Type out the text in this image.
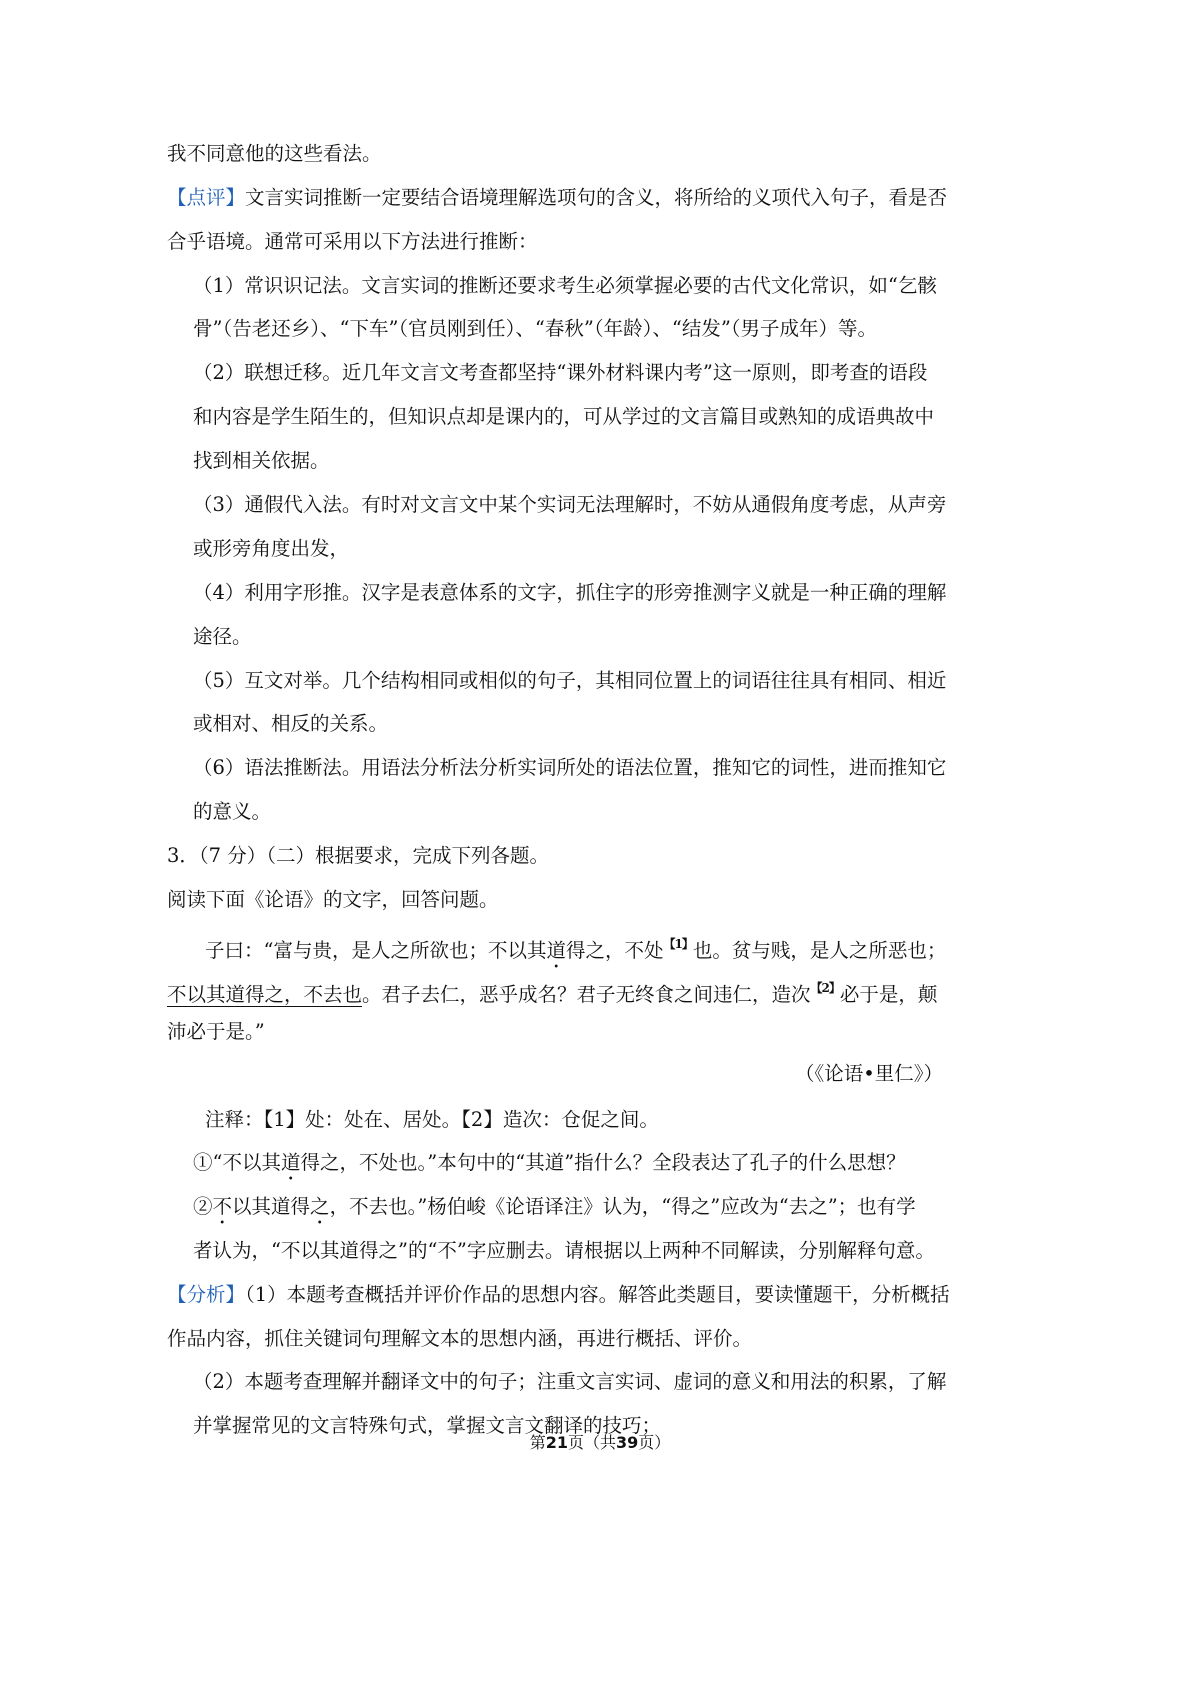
我不同意他的这些看法。
【点评】文言实词推断一定要结合语境理解选项句的含义，将所给的义项代入句子，看是否
合乎语境。通常可采用以下方法进行推断：
（1）常识识记法。文言实词的推断还要求考生必须掌握必要的古代文化常识，如“乞骸
骨”（告老还乡）、“下车”（官员刚到任）、“春秋”（年龄）、“结发”（男子成年）等。
（2）联想迁移。近几年文言文考查都坚持“课外材料课内考”这一原则，即考查的语段
和内容是学生陌生的，但知识点却是课内的，可从学过的文言篇目或熟知的成语典故中
找到相关依据。
（3）通假代入法。有时对文言文中某个实词无法理解时，不妨从通假角度考虑，从声旁
或形旁角度出发，
（4）利用字形推。汉字是表意体系的文字，抓住字的形旁推测字义就是一种正确的理解
途径。
（5）互文对举。几个结构相同或相似的句子，其相同位置上的词语往往具有相同、相近
或相对、相反的关系。
（6）语法推断法。用语法分析法分析实词所处的语法位置，推知它的词性，进而推知它
的意义。
3．（7 分）（二）根据要求，完成下列各题。
阅读下面《论语》的文字，回答问题。
子曰：“富与贵，是人之所欲也；不以其道得之，不处$^{【1】}$也。贫与贱，是人之所恶也；
不以其道得之，不去也。君子去仁，恶乎成名？君子无终食之间违仁，造次$^{【2】}$必于是，颠
沛必于是。”
（《论语•里仁》）
注释：【1】处：处在、居处。【2】造次：仓促之间。
①“不以其道得之，不处也。”本句中的“其道”指什么？全段表达了孔子的什么思想？
②不以其道得之，不去也。”杨伯峻《论语译注》认为，“得之”应改为“去之”；也有学
者认为，“不以其道得之”的“不”字应删去。请根据以上两种不同解读，分别解释句意。
【分析】（1）本题考查概括并评价作品的思想内容。解答此类题目，要读懂题干，分析概括
作品内容，抓住关键词句理解文本的思想内涵，再进行概括、评价。
（2）本题考查理解并翻译文中的句子；注重文言实词、虚词的意义和用法的积累，了解
并掌握常见的文言特殊句式，掌握文言文翻译的技巧；
第21页（共39页）
